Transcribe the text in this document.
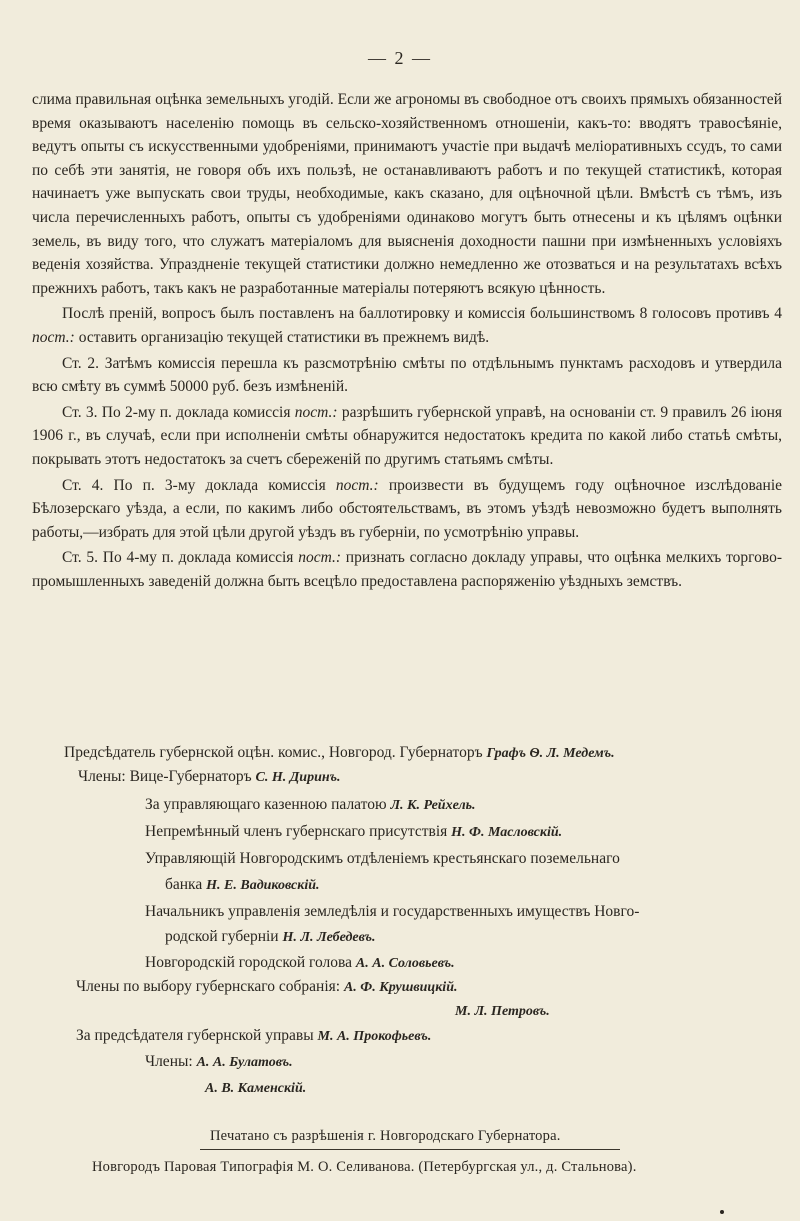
— 2 —

слима правильная оцѣнка земельныхъ угодій. Если же агрономы въ свободное отъ своихъ прямыхъ обязанностей время оказываютъ населенію помощь въ сельско-хозяйственномъ отношеніи, какъ-то: вводятъ травосѣяніе, ведутъ опыты съ искусственными удобреніями, принимаютъ участіе при выдачѣ меліоративныхъ ссудъ, то сами по себѣ эти занятія, не говоря объ ихъ пользѣ, не останавливаютъ работъ и по текущей статистикѣ, которая начинаетъ уже выпускать свои труды, необходимые, какъ сказано, для оцѣночной цѣли. Вмѣстѣ съ тѣмъ, изъ числа перечисленныхъ работъ, опыты съ удобреніями одинаково могутъ быть отнесены и къ цѣлямъ оцѣнки земель, въ виду того, что служатъ матеріаломъ для выясненія доходности пашни при измѣненныхъ условіяхъ веденія хозяйства. Упраздненіе текущей статистики должно немедленно же отозваться и на результатахъ всѣхъ прежнихъ работъ, такъ какъ не разработанные матеріалы потеряютъ всякую цѣнность.

Послѣ преній, вопросъ былъ поставленъ на баллотировку и комиссія большинствомъ 8 голосовъ противъ 4 пост.: оставить организацію текущей статистики въ прежнемъ видѣ.

Ст. 2. Затѣмъ комиссія перешла къ разсмотрѣнію смѣты по отдѣльнымъ пунктамъ расходовъ и утвердила всю смѣту въ суммѣ 50000 руб. безъ измѣненій.

Ст. 3. По 2-му п. доклада комиссія пост.: разрѣшить губернской управѣ, на основаніи ст. 9 правилъ 26 іюня 1906 г., въ случаѣ, если при исполненіи смѣты обнаружится недостатокъ кредита по какой либо статьѣ смѣты, покрывать этотъ недостатокъ за счетъ сбереженій по другимъ статьямъ смѣты.

Ст. 4. По п. 3-му доклада комиссія пост.: произвести въ будущемъ году оцѣночное изслѣдованіе Бѣлозерскаго уѣзда, а если, по какимъ либо обстоятельствамъ, въ этомъ уѣздѣ невозможно будетъ выполнять работы,—избрать для этой цѣли другой уѣздъ въ губерніи, по усмотрѣнію управы.

Ст. 5. По 4-му п. доклада комиссія пост.: признать согласно докладу управы, что оцѣнка мелкихъ торгово-промышленныхъ заведеній должна быть всецѣло предоставлена распоряженію уѣздныхъ земствъ.

Предсѣдатель губернской оцѣн. комис., Новгород. Губернаторъ Графъ Ѳ. Л. Медемъ.
Члены: Вице-Губернаторъ С. Н. Диринъ.
За управляющаго казенною палатою Л. К. Рейхель.
Непремѣнный членъ губернскаго присутствія Н. Ф. Масловскій.
Управляющій Новгородскимъ отдѣленіемъ крестьянскаго поземельнаго
банка Н. Е. Вадиковскій.
Начальникъ управленія земледѣлія и государственныхъ имуществъ Новго-
родской губерніи Н. Л. Лебедевъ.
Новгородскій городской голова А. А. Соловьевъ.
Члены по выбору губернскаго собранія: А. Ф. Крушвицкій.
М. Л. Петровъ.
За предсѣдателя губернской управы М. А. Прокофьевъ.
Члены: А. А. Булатовъ.
А. В. Каменскій.
Печатано съ разрѣшенія г. Новгородскаго Губернатора.
Новгородъ Паровая Типографія М. О. Селиванова. (Петербургская ул., д. Стальнова).
